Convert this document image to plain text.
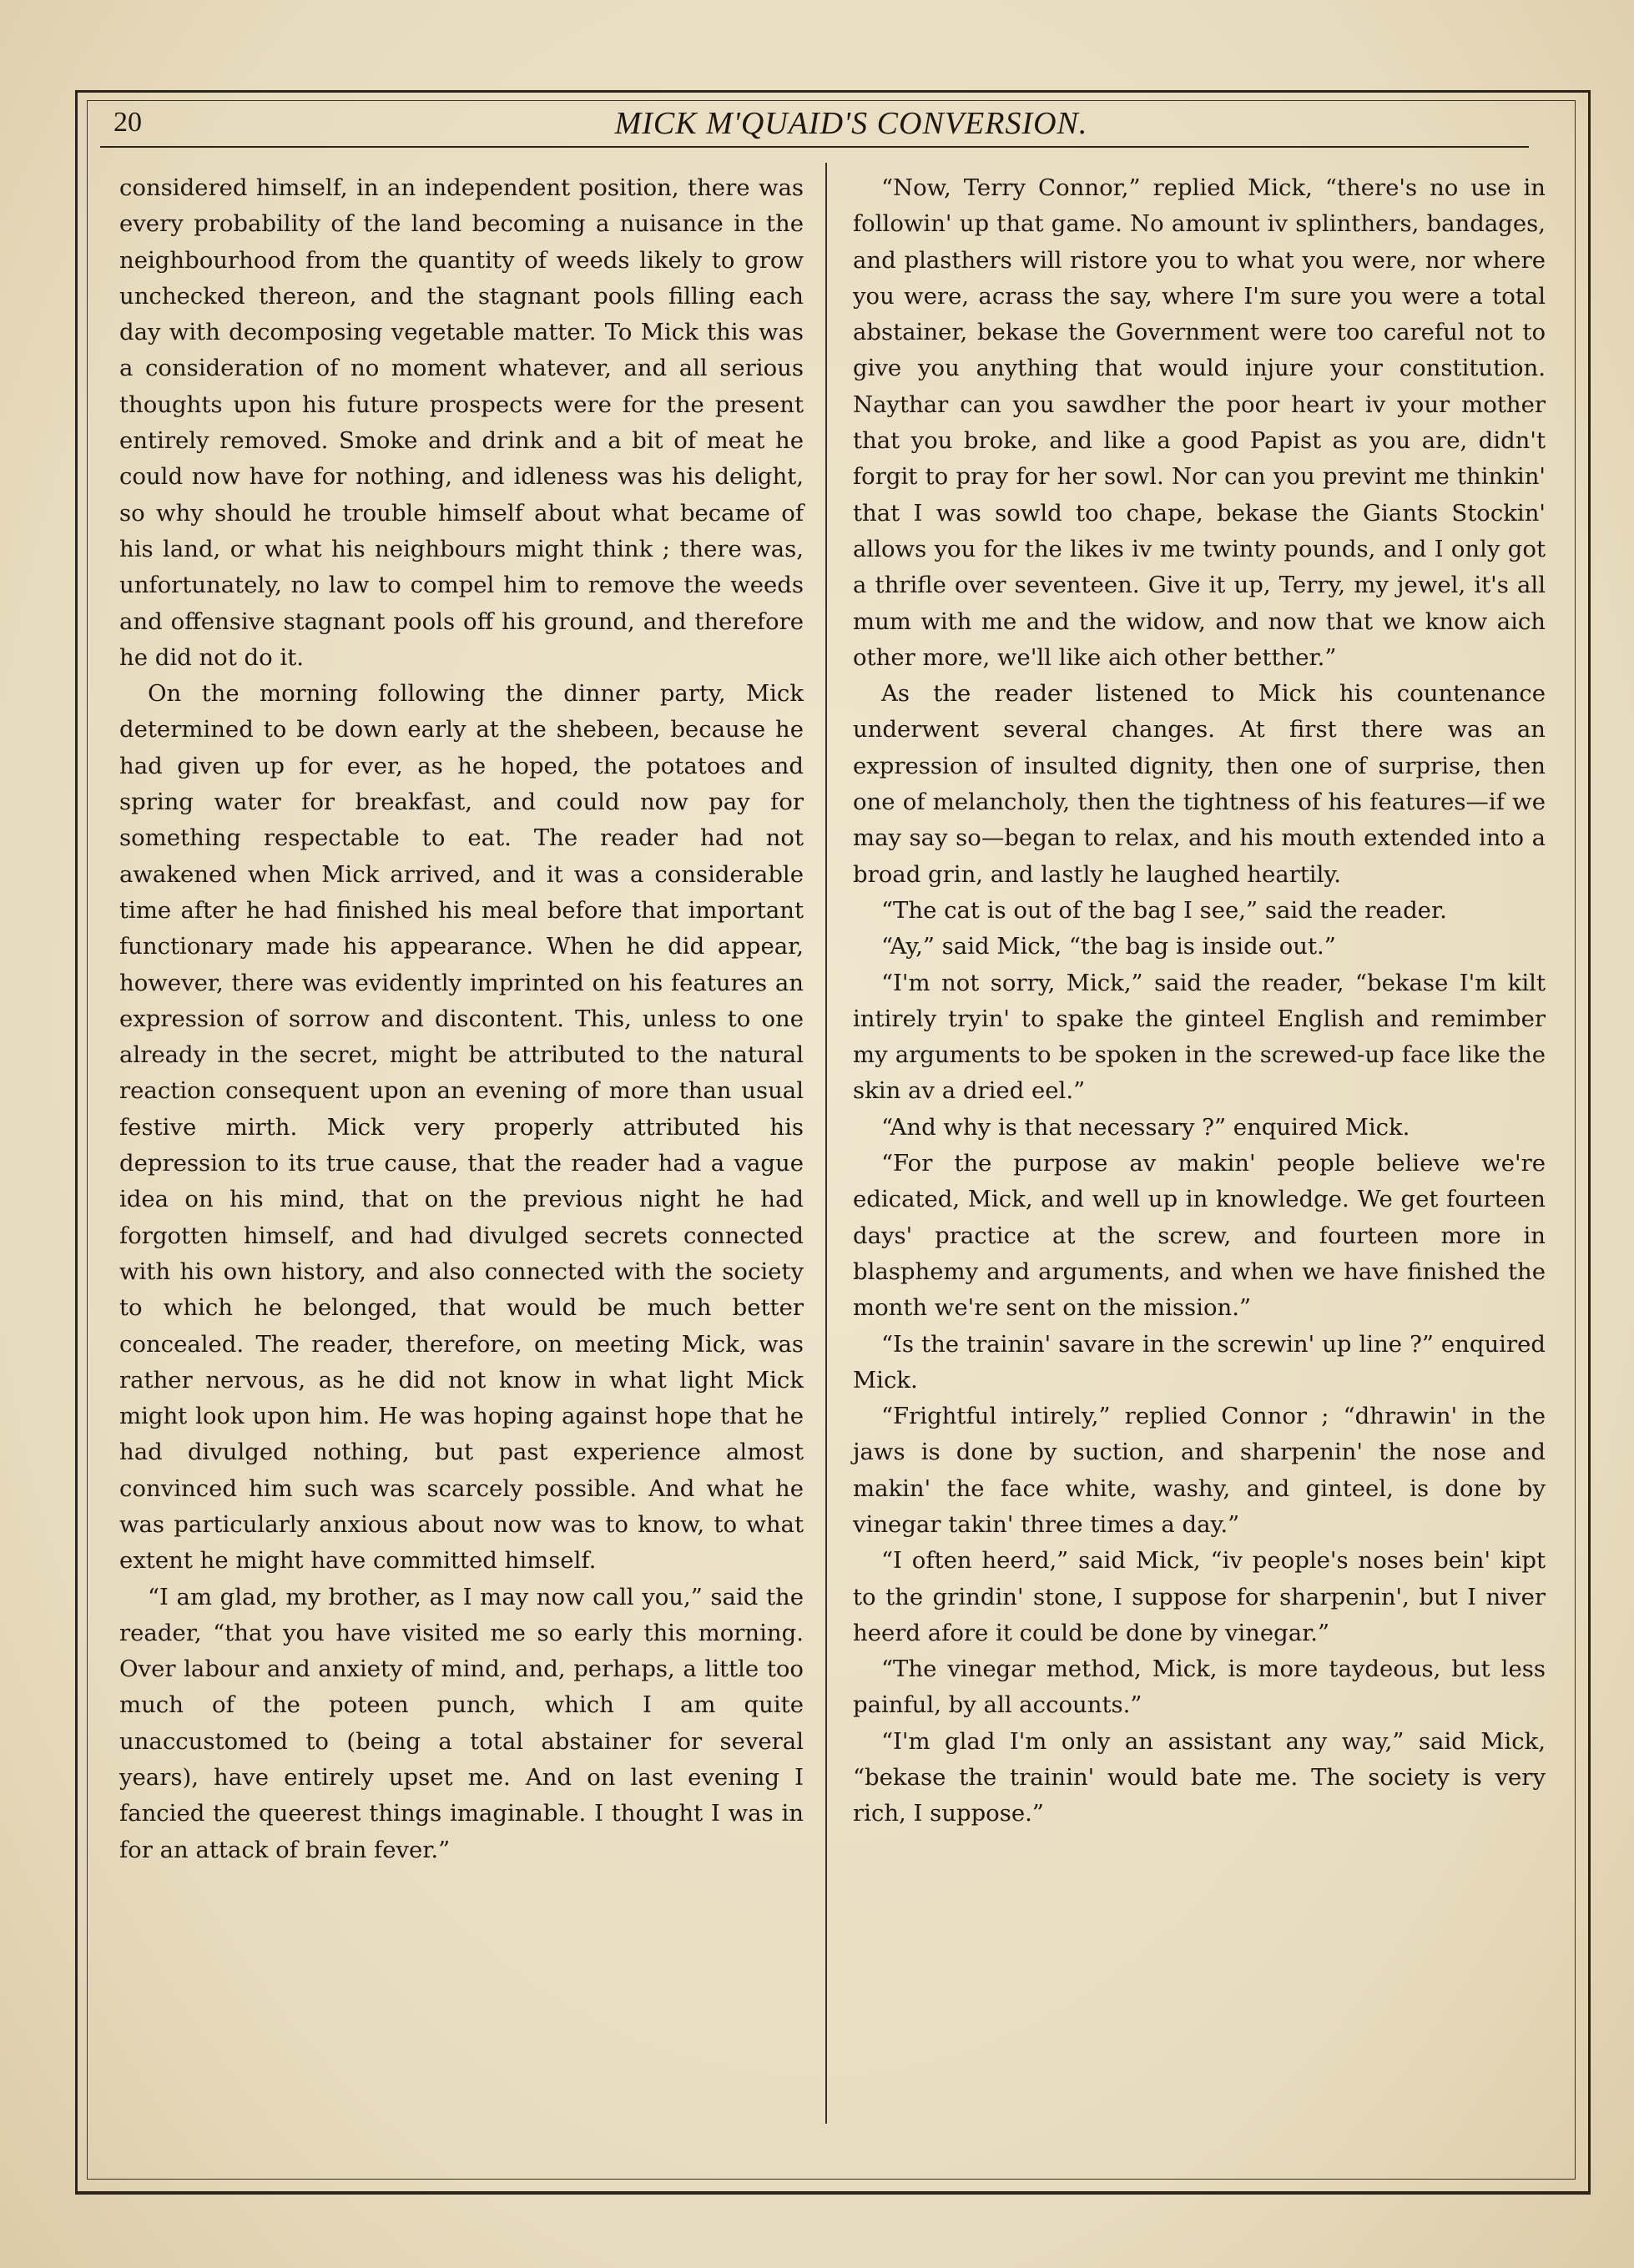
20	MICK M'QUAID'S CONVERSION.

considered himself, in an independent position, there was every probability of the land becoming a nuisance in the neighbourhood from the quantity of weeds likely to grow unchecked thereon, and the stagnant pools filling each day with decomposing vegetable matter. To Mick this was a consideration of no moment whatever, and all serious thoughts upon his future prospects were for the present entirely removed. Smoke and drink and a bit of meat he could now have for nothing, and idleness was his delight, so why should he trouble himself about what became of his land, or what his neighbours might think ; there was, unfortunately, no law to compel him to remove the weeds and offensive stagnant pools off his ground, and therefore he did not do it.

On the morning following the dinner party, Mick determined to be down early at the shebeen, because he had given up for ever, as he hoped, the potatoes and spring water for breakfast, and could now pay for something respectable to eat. The reader had not awakened when Mick arrived, and it was a considerable time after he had finished his meal before that important functionary made his appearance. When he did appear, however, there was evidently imprinted on his features an expression of sorrow and discontent. This, unless to one already in the secret, might be attributed to the natural reaction consequent upon an evening of more than usual festive mirth. Mick very properly attributed his depression to its true cause, that the reader had a vague idea on his mind, that on the previous night he had forgotten himself, and had divulged secrets connected with his own history, and also connected with the society to which he belonged, that would be much better concealed. The reader, therefore, on meeting Mick, was rather nervous, as he did not know in what light Mick might look upon him. He was hoping against hope that he had divulged nothing, but past experience almost convinced him such was scarcely possible. And what he was particularly anxious about now was to know, to what extent he might have committed himself.

“I am glad, my brother, as I may now call you,” said the reader, “that you have visited me so early this morning. Over labour and anxiety of mind, and, perhaps, a little too much of the poteen punch, which I am quite unaccustomed to (being a total abstainer for several years), have entirely upset me. And on last evening I fancied the queerest things imaginable. I thought I was in for an attack of brain fever.”

“Now, Terry Connor,” replied Mick, “there's no use in followin' up that game. No amount iv splinthers, bandages, and plasthers will ristore you to what you were, nor where you were, acrass the say, where I'm sure you were a total abstainer, bekase the Government were too careful not to give you anything that would injure your constitution. Naythar can you sawdher the poor heart iv your mother that you broke, and like a good Papist as you are, didn't forgit to pray for her sowl. Nor can you prevint me thinkin' that I was sowld too chape, bekase the Giants Stockin' allows you for the likes iv me twinty pounds, and I only got a thrifle over seventeen. Give it up, Terry, my jewel, it's all mum with me and the widow, and now that we know aich other more, we'll like aich other betther.”

As the reader listened to Mick his countenance underwent several changes. At first there was an expression of insulted dignity, then one of surprise, then one of melancholy, then the tightness of his features—if we may say so—began to relax, and his mouth extended into a broad grin, and lastly he laughed heartily.

“The cat is out of the bag I see,” said the reader.

“Ay,” said Mick, “the bag is inside out.”

“I'm not sorry, Mick,” said the reader, “bekase I'm kilt intirely tryin' to spake the ginteel English and remimber my arguments to be spoken in the screwed-up face like the skin av a dried eel.”

“And why is that necessary ?” enquired Mick.

“For the purpose av makin' people believe we're edicated, Mick, and well up in knowledge. We get fourteen days' practice at the screw, and fourteen more in blasphemy and arguments, and when we have finished the month we're sent on the mission.”

“Is the trainin' savare in the screwin' up line ?” enquired Mick.

“Frightful intirely,” replied Connor ; “dhrawin' in the jaws is done by suction, and sharpenin' the nose and makin' the face white, washy, and ginteel, is done by vinegar takin' three times a day.”

“I often heerd,” said Mick, “iv people's noses bein' kipt to the grindin' stone, I suppose for sharpenin', but I niver heerd afore it could be done by vinegar.”

“The vinegar method, Mick, is more taydeous, but less painful, by all accounts.”

“I'm glad I'm only an assistant any way,” said Mick, “bekase the trainin' would bate me. The society is very rich, I suppose.”
